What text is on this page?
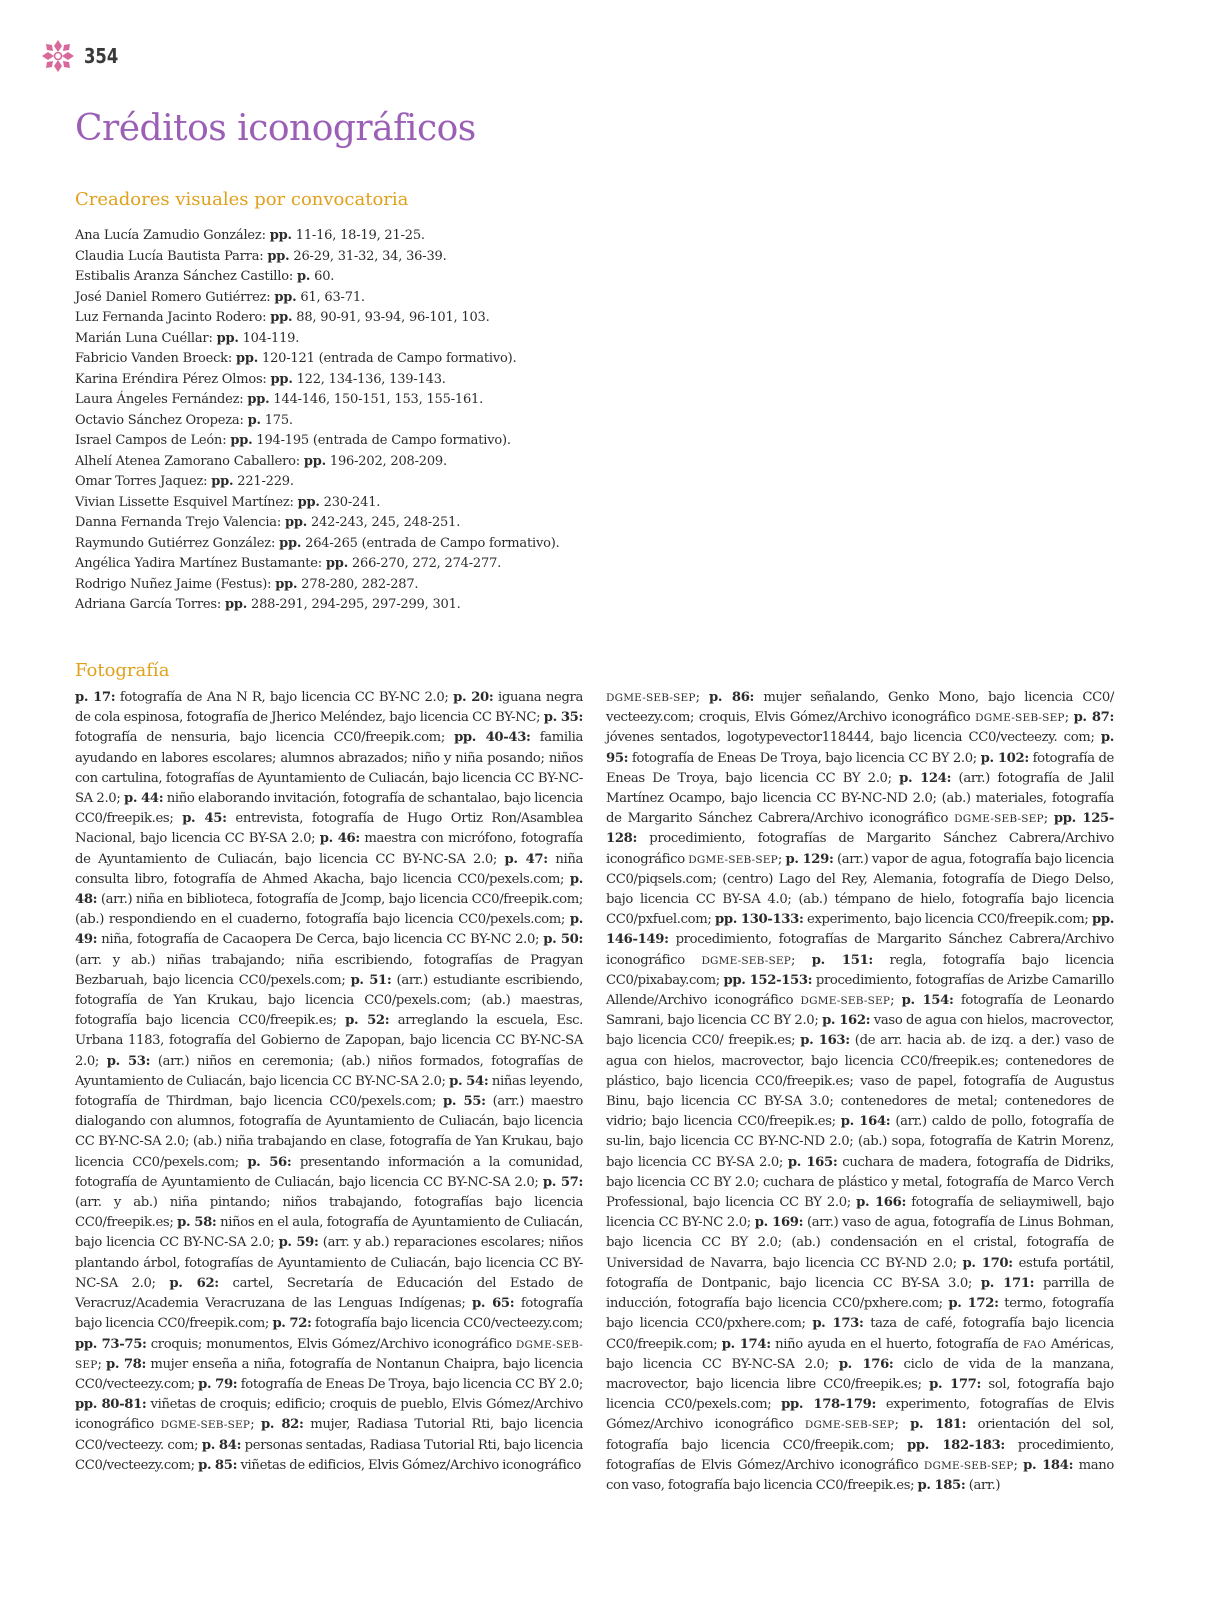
354
Créditos iconográficos
Creadores visuales por convocatoria
Ana Lucía Zamudio González: pp. 11-16, 18-19, 21-25.
Claudia Lucía Bautista Parra: pp. 26-29, 31-32, 34, 36-39.
Estibalis Aranza Sánchez Castillo: p. 60.
José Daniel Romero Gutiérrez: pp. 61, 63-71.
Luz Fernanda Jacinto Rodero: pp. 88, 90-91, 93-94, 96-101, 103.
Marián Luna Cuéllar: pp. 104-119.
Fabricio Vanden Broeck: pp. 120-121 (entrada de Campo formativo).
Karina Eréndira Pérez Olmos: pp. 122, 134-136, 139-143.
Laura Ángeles Fernández: pp. 144-146, 150-151, 153, 155-161.
Octavio Sánchez Oropeza: p. 175.
Israel Campos de León: pp. 194-195 (entrada de Campo formativo).
Alhelí Atenea Zamorano Caballero: pp. 196-202, 208-209.
Omar Torres Jaquez: pp. 221-229.
Vivian Lissette Esquivel Martínez: pp. 230-241.
Danna Fernanda Trejo Valencia: pp. 242-243, 245, 248-251.
Raymundo Gutiérrez González: pp. 264-265 (entrada de Campo formativo).
Angélica Yadira Martínez Bustamante: pp. 266-270, 272, 274-277.
Rodrigo Nuñez Jaime (Festus): pp. 278-280, 282-287.
Adriana García Torres: pp. 288-291, 294-295, 297-299, 301.
Fotografía

p. 17: fotografía de Ana N R, bajo licencia CC BY-NC 2.0; p. 20: iguana negra de cola espinosa, fotografía de Jherico Meléndez, bajo licencia CC BY-NC; p. 35: fotografía de nensuria, bajo licencia CC0/freepik.com; pp. 40-43: familia ayudando en labores escolares; alumnos abrazados; niño y niña posando; niños con cartulina, fotografías de Ayuntamiento de Culiacán, bajo licencia CC BY-NC-SA 2.0; p. 44: niño elaborando invitación, fotografía de schantalao, bajo licencia CC0/freepik.es; p. 45: entrevista, fotografía de Hugo Ortiz Ron/Asamblea Nacional, bajo licencia CC BY-SA 2.0; p. 46: maestra con micrófono, fotografía de Ayuntamiento de Culiacán, bajo licencia CC BY-NC-SA 2.0; p. 47: niña consulta libro, fotografía de Ahmed Akacha, bajo licencia CC0/pexels.com; p. 48: (arr.) niña en biblioteca, fotografía de Jcomp, bajo licencia CC0/freepik.com; (ab.) respondiendo en el cuaderno, fotografía bajo licencia CC0/pexels.com; p. 49: niña, fotografía de Cacaopera De Cerca, bajo licencia CC BY-NC 2.0; p. 50: (arr. y ab.) niñas trabajando; niña escribiendo, fotografías de Pragyan Bezbaruah, bajo licencia CC0/pexels.com; p. 51: (arr.) estudiante escribiendo, fotografía de Yan Krukau, bajo licencia CC0/pexels.com; (ab.) maestras, fotografía bajo licencia CC0/freepik.es; p. 52: arreglando la escuela, Esc. Urbana 1183, fotografía del Gobierno de Zapopan, bajo licencia CC BY-NC-SA 2.0; p. 53: (arr.) niños en ceremonia; (ab.) niños formados, fotografías de Ayuntamiento de Culiacán, bajo licencia CC BY-NC-SA 2.0; p. 54: niñas leyendo, fotografía de Thirdman, bajo licencia CC0/pexels.com; p. 55: (arr.) maestro dialogando con alumnos, fotografía de Ayuntamiento de Culiacán, bajo licencia CC BY-NC-SA 2.0; (ab.) niña trabajando en clase, fotografía de Yan Krukau, bajo licencia CC0/pexels.com; p. 56: presentando información a la comunidad, fotografía de Ayuntamiento de Culiacán, bajo licencia CC BY-NC-SA 2.0; p. 57: (arr. y ab.) niña pintando; niños trabajando, fotografías bajo licencia CC0/freepik.es; p. 58: niños en el aula, fotografía de Ayuntamiento de Culiacán, bajo licencia CC BY-NC-SA 2.0; p. 59: (arr. y ab.) reparaciones escolares; niños plantando árbol, fotografías de Ayuntamiento de Culiacán, bajo licencia CC BY-NC-SA 2.0; p. 62: cartel, Secretaría de Educación del Estado de Veracruz/Academia Veracruzana de las Lenguas Indígenas; p. 65: fotografía bajo licencia CC0/freepik.com; p. 72: fotografía bajo licencia CC0/vecteezy.com; pp. 73-75: croquis; monumentos, Elvis Gómez/Archivo iconográfico DGME-SEB-SEP; p. 78: mujer enseña a niña, fotografía de Nontanun Chaipra, bajo licencia CC0/vecteezy.com; p. 79: fotografía de Eneas De Troya, bajo licencia CC BY 2.0; pp. 80-81: viñetas de croquis; edificio; croquis de pueblo, Elvis Gómez/Archivo iconográfico DGME-SEB-SEP; p. 82: mujer, Radiasa Tutorial Rti, bajo licencia CC0/vecteezy. com; p. 84: personas sentadas, Radiasa Tutorial Rti, bajo licencia CC0/vecteezy.com; p. 85: viñetas de edificios, Elvis Gómez/Archivo iconográfico

DGME-SEB-SEP; p. 86: mujer señalando, Genko Mono, bajo licencia CC0/ vecteezy.com; croquis, Elvis Gómez/Archivo iconográfico DGME-SEB-SEP; p. 87: jóvenes sentados, logotypevector118444, bajo licencia CC0/vecteezy. com; p. 95: fotografía de Eneas De Troya, bajo licencia CC BY 2.0; p. 102: fotografía de Eneas De Troya, bajo licencia CC BY 2.0; p. 124: (arr.) fotografía de Jalil Martínez Ocampo, bajo licencia CC BY-NC-ND 2.0; (ab.) materiales, fotografía de Margarito Sánchez Cabrera/Archivo iconográfico DGME-SEB-SEP; pp. 125-128: procedimiento, fotografías de Margarito Sánchez Cabrera/Archivo iconográfico DGME-SEB-SEP; p. 129: (arr.) vapor de agua, fotografía bajo licencia CC0/piqsels.com; (centro) Lago del Rey, Alemania, fotografía de Diego Delso, bajo licencia CC BY-SA 4.0; (ab.) témpano de hielo, fotografía bajo licencia CC0/pxfuel.com; pp. 130-133: experimento, bajo licencia CC0/freepik.com; pp. 146-149: procedimiento, fotografías de Margarito Sánchez Cabrera/Archivo iconográfico DGME-SEB-SEP; p. 151: regla, fotografía bajo licencia CC0/pixabay.com; pp. 152-153: procedimiento, fotografías de Arizbe Camarillo Allende/Archivo iconográfico DGME-SEB-SEP; p. 154: fotografía de Leonardo Samrani, bajo licencia CC BY 2.0; p. 162: vaso de agua con hielos, macrovector, bajo licencia CC0/ freepik.es; p. 163: (de arr. hacia ab. de izq. a der.) vaso de agua con hielos, macrovector, bajo licencia CC0/freepik.es; contenedores de plástico, bajo licencia CC0/freepik.es; vaso de papel, fotografía de Augustus Binu, bajo licencia CC BY-SA 3.0; contenedores de metal; contenedores de vidrio; bajo licencia CC0/freepik.es; p. 164: (arr.) caldo de pollo, fotografía de su-lin, bajo licencia CC BY-NC-ND 2.0; (ab.) sopa, fotografía de Katrin Morenz, bajo licencia CC BY-SA 2.0; p. 165: cuchara de madera, fotografía de Didriks, bajo licencia CC BY 2.0; cuchara de plástico y metal, fotografía de Marco Verch Professional, bajo licencia CC BY 2.0; p. 166: fotografía de seliaymiwell, bajo licencia CC BY-NC 2.0; p. 169: (arr.) vaso de agua, fotografía de Linus Bohman, bajo licencia CC BY 2.0; (ab.) condensación en el cristal, fotografía de Universidad de Navarra, bajo licencia CC BY-ND 2.0; p. 170: estufa portátil, fotografía de Dontpanic, bajo licencia CC BY-SA 3.0; p. 171: parrilla de inducción, fotografía bajo licencia CC0/pxhere.com; p. 172: termo, fotografía bajo licencia CC0/pxhere.com; p. 173: taza de café, fotografía bajo licencia CC0/freepik.com; p. 174: niño ayuda en el huerto, fotografía de FAO Américas, bajo licencia CC BY-NC-SA 2.0; p. 176: ciclo de vida de la manzana, macrovector, bajo licencia libre CC0/freepik.es; p. 177: sol, fotografía bajo licencia CC0/pexels.com; pp. 178-179: experimento, fotografías de Elvis Gómez/Archivo iconográfico DGME-SEB-SEP; p. 181: orientación del sol, fotografía bajo licencia CC0/freepik.com; pp. 182-183: procedimiento, fotografías de Elvis Gómez/Archivo iconográfico DGME-SEB-SEP; p. 184: mano con vaso, fotografía bajo licencia CC0/freepik.es; p. 185: (arr.)
